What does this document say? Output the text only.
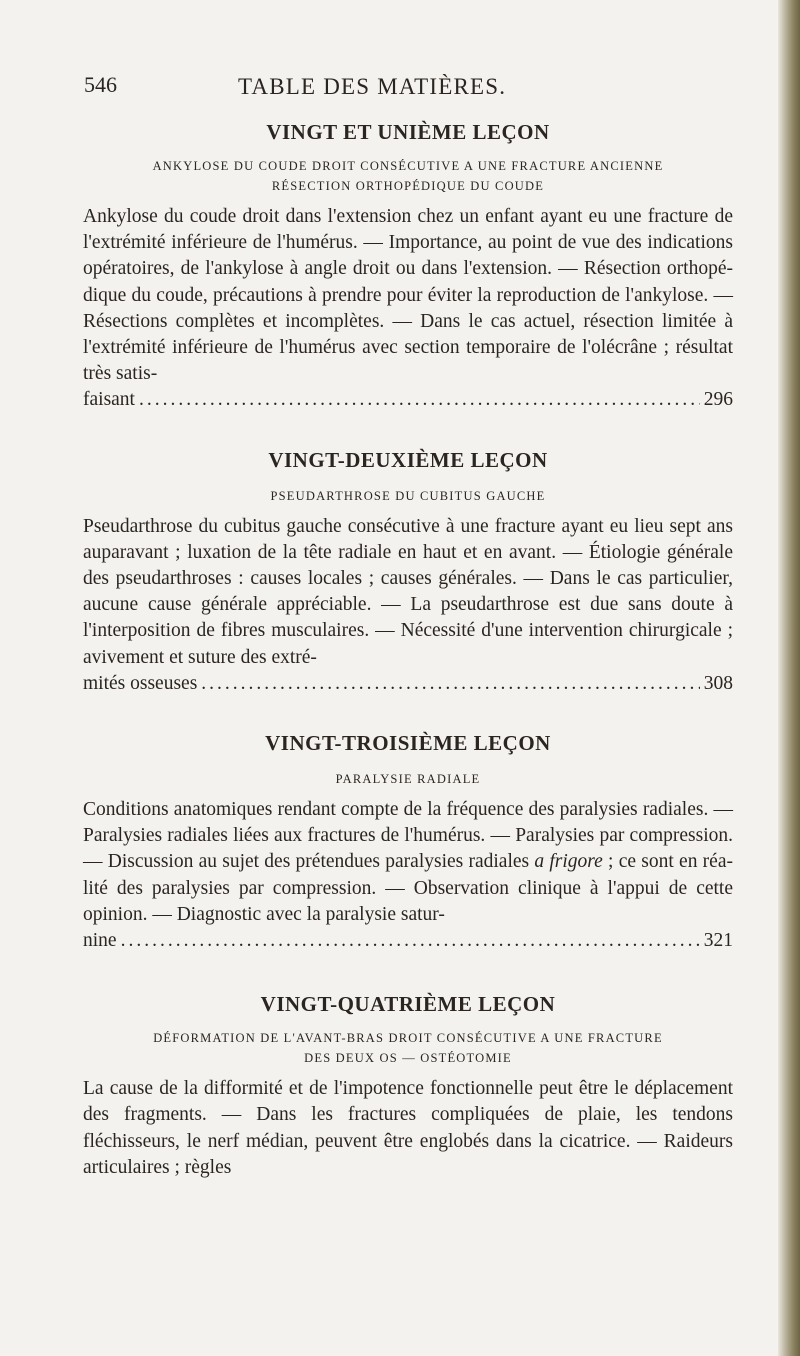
546	TABLE DES MATIÈRES.
VINGT ET UNIÈME LEÇON
ANKYLOSE DU COUDE DROIT CONSÉCUTIVE A UNE FRACTURE ANCIENNE
RÉSECTION ORTHOPÉDIQUE DU COUDE

Ankylose du coude droit dans l'extension chez un enfant ayant eu une fracture de l'extrémité inférieure de l'humérus. — Importance, au point de vue des indications opératoires, de l'ankylose à angle droit ou dans l'extension. — Résection orthopédique du coude, précautions à prendre pour éviter la reproduction de l'ankylose. — Résections complètes et incomplètes. — Dans le cas actuel, résection limitée à l'extrémité inférieure de l'humérus avec section temporaire de l'olécrâne ; résultat très satis-

faisant .....	296
VINGT-DEUXIÈME LEÇON
PSEUDARTHROSE DU CUBITUS GAUCHE

Pseudarthrose du cubitus gauche consécutive à une fracture ayant eu lieu sept ans auparavant ; luxation de la tête radiale en haut et en avant. — Étiologie générale des pseudarthroses : causes locales ; causes générales. — Dans le cas particulier, aucune cause générale appréciable. — La pseudarthrose est due sans doute à l'interposition de fibres musculaires. — Nécessité d'une intervention chirurgicale ; avivement et suture des extré-

mités osseuses .....	308
VINGT-TROISIÈME LEÇON
PARALYSIE RADIALE

Conditions anatomiques rendant compte de la fréquence des paralysies radiales. — Paralysies radiales liées aux fractures de l'humérus. — Paralysies par compression. — Discussion au sujet des prétendues paralysies radiales a frigore ; ce sont en réalité des paralysies par compression. — Observation clinique à l'appui de cette opinion. — Diagnostic avec la paralysie satur-

nine .....	321
VINGT-QUATRIÈME LEÇON
DÉFORMATION DE L'AVANT-BRAS DROIT CONSÉCUTIVE A UNE FRACTURE
DES DEUX OS — OSTÉOTOMIE

La cause de la difformité et de l'impotence fonctionnelle peut être le déplacement des fragments. — Dans les fractures compliquées de plaie, les tendons fléchisseurs, le nerf médian, peuvent être englobés dans la cicatrice. — Raideurs articulaires ; règles
